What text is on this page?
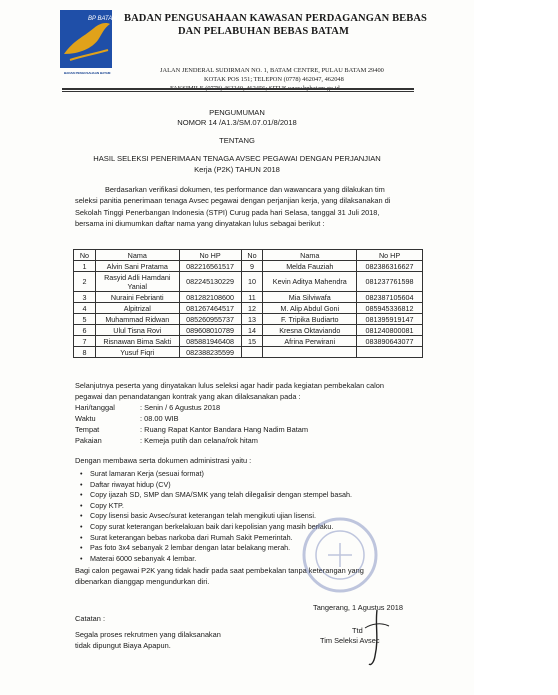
BP BATAM
BADAN PENGUSAHAAN BATAM
BADAN PENGUSAHAAN KAWASAN PERDAGANGAN BEBAS
DAN PELABUHAN BEBAS BATAM
JALAN JENDERAL SUDIRMAN NO. 1, BATAM CENTRE, PULAU BATAM 29400
KOTAK POS 151; TELEPON (0778) 462047, 462048
FAKSIMILE (0778) 462240, 462456; SITUS www.bpbatam.go.id
PENGUMUMAN
NOMOR 14 /A1.3/SM.07.01/8/2018
TENTANG
HASIL SELEKSI PENERIMAAN TENAGA AVSEC PEGAWAI DENGAN PERJANJIAN
Kerja (P2K) TAHUN 2018
Berdasarkan verifikasi dokumen, tes performance dan wawancara yang dilakukan tim
seleksi panitia penerimaan tenaga Avsec pegawai dengan perjanjian kerja, yang dilaksanakan di
Sekolah Tinggi Penerbangan Indonesia (STPI) Curug pada hari Selasa, tanggal 31 Juli 2018,
bersama ini diumumkan daftar nama yang dinyatakan lulus sebagai berikut :
No	Nama	No HP	No	Nama	No HP
1	Alvin Sani Pratama	082216561517	9	Melda Fauziah	082386316627
2	Rasyid Adli Hamdani Yanial	082245130229	10	Kevin Aditya Mahendra	081237761598
3	Nuraini Febrianti	081282108600	11	Mia Silviwafa	082387105604
4	Alpitrizal	081267464517	12	M. Alip Abdul Goni	085945336812
5	Muhammad Ridwan	085260955737	13	F. Tripika Budiarto	081395919147
6	Ulul Tisna Rovi	089608010789	14	Kresna Oktaviando	081240800081
7	Risnawan Bima Sakti	085881946408	15	Afrina Perwirani	083890643077
8	Yusuf Fiqri	082388235599			
Selanjutnya peserta yang dinyatakan lulus seleksi agar hadir pada kegiatan pembekalan calon
pegawai dan penandatangan kontrak yang akan dilaksanakan pada :
Hari/tanggal	: Senin / 6 Agustus 2018
Waktu	: 08.00 WIB
Tempat	: Ruang Rapat Kantor Bandara Hang Nadim Batam
Pakaian	: Kemeja putih dan celana/rok hitam
Dengan membawa serta dokumen administrasi yaitu :
• Surat lamaran Kerja (sesuai format)
• Daftar riwayat hidup (CV)
• Copy ijazah SD, SMP dan SMA/SMK yang telah dilegalisir dengan stempel basah.
• Copy KTP.
• Copy lisensi basic Avsec/surat keterangan telah mengikuti ujian lisensi.
• Copy surat keterangan berkelakuan baik dari kepolisian yang masih berlaku.
• Surat keterangan bebas narkoba dari Rumah Sakit Pemerintah.
• Pas foto 3x4 sebanyak 2 lembar dengan latar belakang merah.
• Materai 6000 sebanyak 4 lembar.
Bagi calon pegawai P2K yang tidak hadir pada saat pembekalan tanpa keterangan yang
dibenarkan dianggap mengundurkan diri.
Tangerang, 1 Agustus 2018
Ttd
Tim Seleksi Avsec
Catatan :
Segala proses rekrutmen yang dilaksanakan
tidak dipungut Biaya Apapun.
